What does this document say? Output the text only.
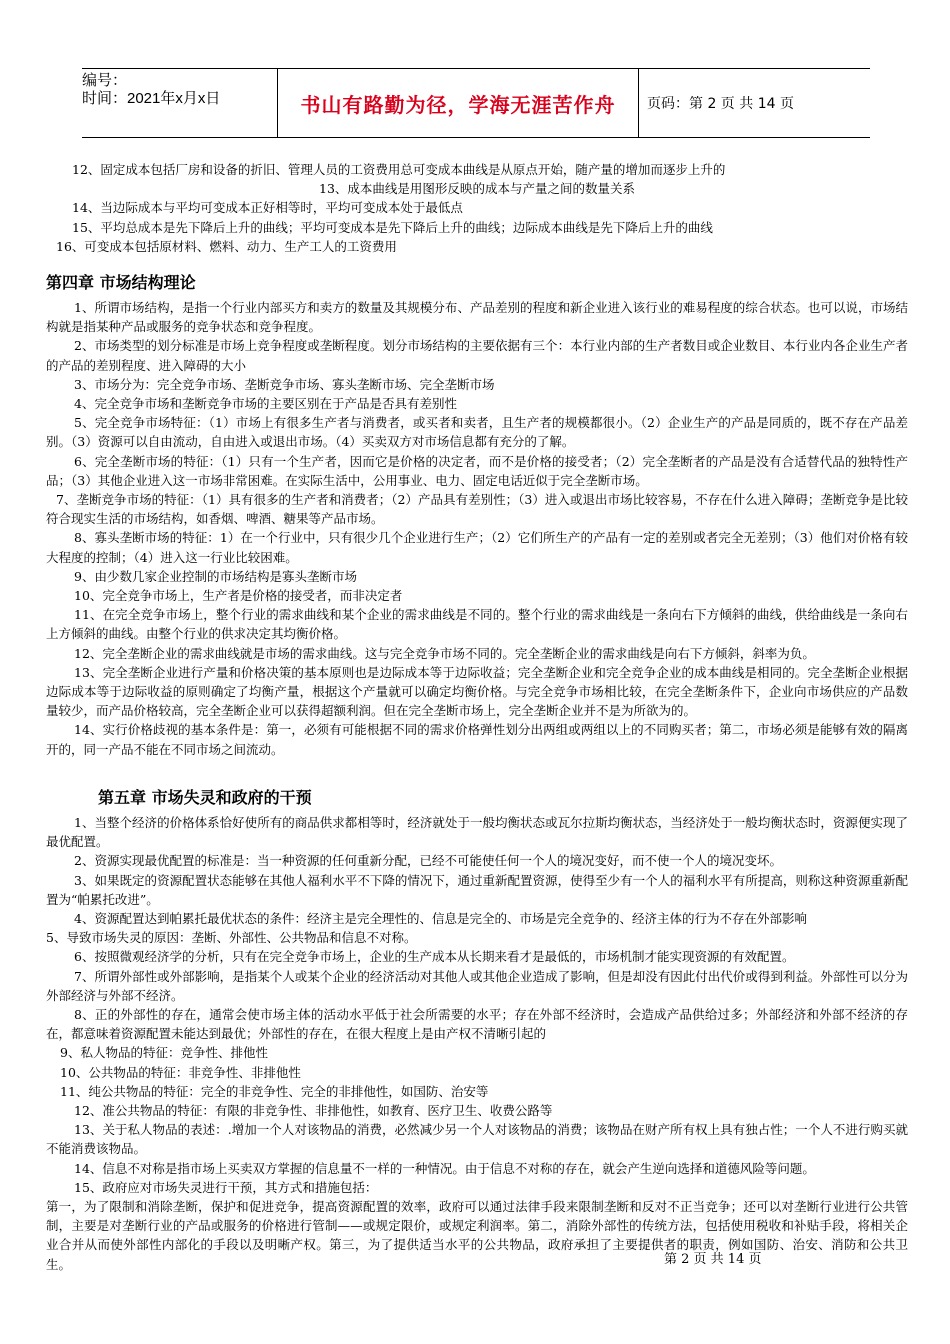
编号：
时间：2021年x月x日	书山有路勤为径，学海无涯苦作舟	页码：第 2 页 共 14 页

12、固定成本包括厂房和设备的折旧、管理人员的工资费用总可变成本曲线是从原点开始，随产量的增加而逐步上升的

13、成本曲线是用图形反映的成本与产量之间的数量关系

14、当边际成本与平均可变成本正好相等时，平均可变成本处于最低点

15、平均总成本是先下降后上升的曲线；平均可变成本是先下降后上升的曲线；边际成本曲线是先下降后上升的曲线

16、可变成本包括原材料、燃料、动力、生产工人的工资费用

第四章 市场结构理论

1、所谓市场结构，是指一个行业内部买方和卖方的数量及其规模分布、产品差别的程度和新企业进入该行业的难易程度的综合状态。也可以说，市场结构就是指某种产品或服务的竞争状态和竞争程度。

2、市场类型的划分标准是市场上竞争程度或垄断程度。划分市场结构的主要依据有三个：本行业内部的生产者数目或企业数目、本行业内各企业生产者的产品的差别程度、进入障碍的大小

3、市场分为：完全竞争市场、垄断竞争市场、寡头垄断市场、完全垄断市场

4、完全竞争市场和垄断竞争市场的主要区别在于产品是否具有差别性

5、完全竞争市场特征：（1）市场上有很多生产者与消费者，或买者和卖者，且生产者的规模都很小。（2）企业生产的产品是同质的，既不存在产品差别。（3）资源可以自由流动，自由进入或退出市场。（4）买卖双方对市场信息都有充分的了解。

6、完全垄断市场的特征：（1）只有一个生产者，因而它是价格的决定者，而不是价格的接受者；（2）完全垄断者的产品是没有合适替代品的独特性产品；（3）其他企业进入这一市场非常困难。在实际生活中，公用事业、电力、固定电话近似于完全垄断市场。

7、垄断竞争市场的特征：（1）具有很多的生产者和消费者；（2）产品具有差别性；（3）进入或退出市场比较容易，不存在什么进入障碍；垄断竞争是比较符合现实生活的市场结构，如香烟、啤酒、糖果等产品市场。

8、寡头垄断市场的特征：1）在一个行业中，只有很少几个企业进行生产；（2）它们所生产的产品有一定的差别或者完全无差别；（3）他们对价格有较大程度的控制；（4）进入这一行业比较困难。

9、由少数几家企业控制的市场结构是寡头垄断市场

10、完全竞争市场上，生产者是价格的接受者，而非决定者

11、在完全竞争市场上，整个行业的需求曲线和某个企业的需求曲线是不同的。整个行业的需求曲线是一条向右下方倾斜的曲线，供给曲线是一条向右上方倾斜的曲线。由整个行业的供求决定其均衡价格。

12、完全垄断企业的需求曲线就是市场的需求曲线。这与完全竞争市场不同的。完全垄断企业的需求曲线是向右下方倾斜，斜率为负。

13、完全垄断企业进行产量和价格决策的基本原则也是边际成本等于边际收益；完全垄断企业和完全竞争企业的成本曲线是相同的。完全垄断企业根据边际成本等于边际收益的原则确定了均衡产量，根据这个产量就可以确定均衡价格。与完全竞争市场相比较，在完全垄断条件下，企业向市场供应的产品数量较少，而产品价格较高，完全垄断企业可以获得超额利润。但在完全垄断市场上，完全垄断企业并不是为所欲为的。

14、实行价格歧视的基本条件是：第一，必须有可能根据不同的需求价格弹性划分出两组或两组以上的不同购买者；第二，市场必须是能够有效的隔离开的，同一产品不能在不同市场之间流动。

第五章 市场失灵和政府的干预

1、当整个经济的价格体系恰好使所有的商品供求都相等时，经济就处于一般均衡状态或瓦尔拉斯均衡状态，当经济处于一般均衡状态时，资源便实现了最优配置。

2、资源实现最优配置的标准是：当一种资源的任何重新分配，已经不可能使任何一个人的境况变好，而不使一个人的境况变坏。

3、如果既定的资源配置状态能够在其他人福利水平不下降的情况下，通过重新配置资源，使得至少有一个人的福利水平有所提高，则称这种资源重新配置为“帕累托改进”。

4、资源配置达到帕累托最优状态的条件：经济主是完全理性的、信息是完全的、市场是完全竞争的、经济主体的行为不存在外部影响

5、导致市场失灵的原因：垄断、外部性、公共物品和信息不对称。

6、按照微观经济学的分析，只有在完全竞争市场上，企业的生产成本从长期来看才是最低的，市场机制才能实现资源的有效配置。

7、所谓外部性或外部影响，是指某个人或某个企业的经济活动对其他人或其他企业造成了影响，但是却没有因此付出代价或得到利益。外部性可以分为外部经济与外部不经济。

8、正的外部性的存在，通常会使市场主体的活动水平低于社会所需要的水平；存在外部不经济时，会造成产品供给过多；外部经济和外部不经济的存在，都意味着资源配置未能达到最优；外部性的存在，在很大程度上是由产权不清晰引起的

9、私人物品的特征：竞争性、排他性

10、公共物品的特征：非竞争性、非排他性

11、纯公共物品的特征：完全的非竞争性、完全的非排他性，如国防、治安等

12、准公共物品的特征：有限的非竞争性、非排他性，如教育、医疗卫生、收费公路等

13、关于私人物品的表述：.增加一个人对该物品的消费，必然减少另一个人对该物品的消费；该物品在财产所有权上具有独占性；一个人不进行购买就不能消费该物品。

14、信息不对称是指市场上买卖双方掌握的信息量不一样的一种情况。由于信息不对称的存在，就会产生逆向选择和道德风险等问题。

15、政府应对市场失灵进行干预，其方式和措施包括：

第一，为了限制和消除垄断，保护和促进竞争，提高资源配置的效率，政府可以通过法律手段来限制垄断和反对不正当竞争；还可以对垄断行业进行公共管制，主要是对垄断行业的产品或服务的价格进行管制——或规定限价，或规定利润率。第二，消除外部性的传统方法，包括使用税收和补贴手段，将相关企业合并从而使外部性内部化的手段以及明晰产权。第三，为了提供适当水平的公共物品，政府承担了主要提供者的职责，例如国防、治安、消防和公共卫生。	第 2 页 共 14 页
